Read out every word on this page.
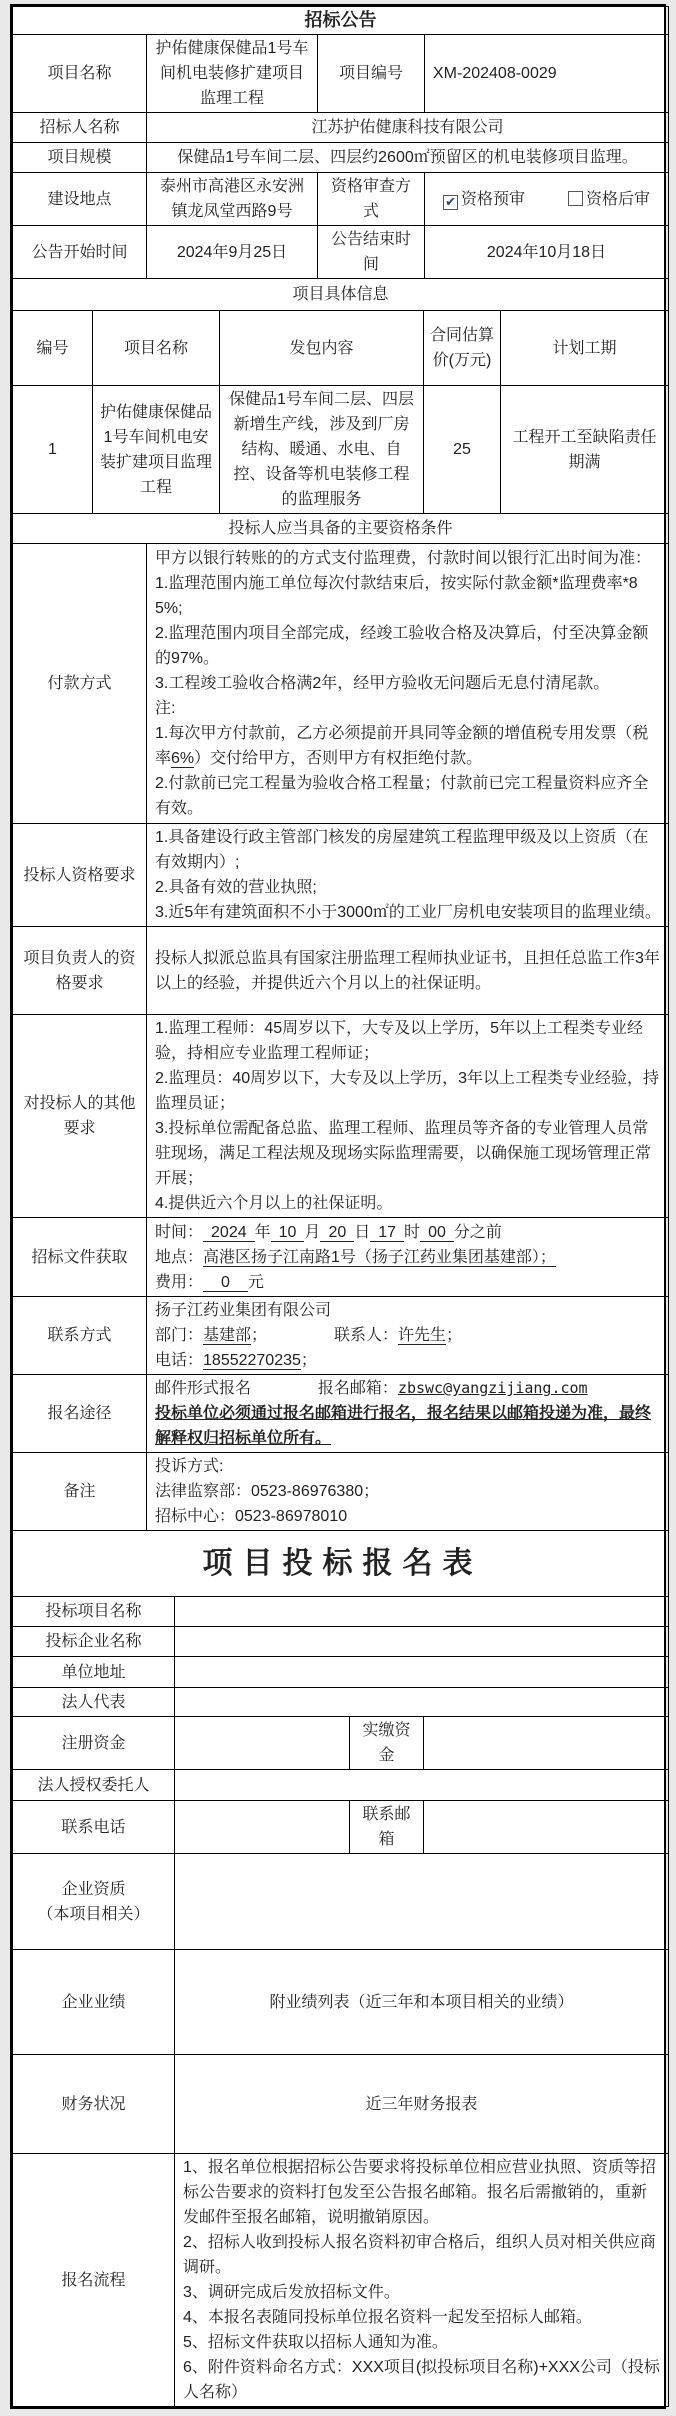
招标公告			
项目名称	护佑健康保健品1号车间机电装修扩建项目监理工程	项目编号	XM-202408-0029
招标人名称	江苏护佑健康科技有限公司		
项目规模	保健品1号车间二层、四层约2600㎡预留区的机电装修项目监理。		
建设地点	泰州市高港区永安洲镇龙凤堂西路9号	资格审查方式	✔ 资格预审 资格后审
公告开始时间	2024年9月25日	公告结束时间	2024年10月18日
项目具体信息				
编号	项目名称	发包内容	合同估算价(万元)	计划工期
1	护佑健康保健品1号车间机电安装扩建项目监理工程	保健品1号车间二层、四层新增生产线，涉及到厂房结构、暖通、水电、自控、设备等机电装修工程的监理服务	25	工程开工至缺陷责任期满
投标人应当具备的主要资格条件	
付款方式	
甲方以银行转账的的方式支付监理费，付款时间以银行汇出时间为准：
1.监理范围内施工单位每次付款结束后，按实际付款金额*监理费率*85%;
2.监理范围内项目全部完成，经竣工验收合格及决算后，付至决算金额的97%。
3.工程竣工验收合格满2年，经甲方验收无问题后无息付清尾款。
注:
1.每次甲方付款前，乙方必须提前开具同等金额的增值税专用发票（税率6%）交付给甲方，否则甲方有权拒绝付款。
2.付款前已完工程量为验收合格工程量；付款前已完工程量资料应齐全有效。

投标人资格要求	1.具备建设行政主管部门核发的房屋建筑工程监理甲级及以上资质（在有效期内）;
2.具备有效的营业执照;
3.近5年有建筑面积不小于3000㎡的工业厂房机电安装项目的监理业绩。

项目负责人的资格要求	投标人拟派总监具有国家注册监理工程师执业证书，且担任总监工作3年以上的经验，并提供近六个月以上的社保证明。
对投标人的其他要求	1.监理工程师：45周岁以下，大专及以上学历，5年以上工程类专业经验，持相应专业监理工程师证；
2.监理员：40周岁以下，大专及以上学历，3年以上工程类专业经验，持监理员证；
3.投标单位需配备总监、监理工程师、监理员等齐备的专业管理人员常驻现场，满足工程法规及现场实际监理需要，以确保施工现场管理正常开展；
4.提供近六个月以上的社保证明。

招标文件获取	时间： 2024 年 10 月 20 日 17 时 00 分之前
地点：高港区扬子江南路1号（扬子江药业集团基建部）；
费用： 0 元

联系方式	扬子江药业集团有限公司
部门：基建部； 联系人：许先生；
电话：18552270235；

报名途径	邮件形式报名 报名邮箱：zbswc@yangzijiang.com
投标单位必须通过报名邮箱进行报名，报名结果以邮箱投递为准，最终解释权归招标单位所有。

备注	投诉方式:
法律监察部：0523-86976380；
招标中心：0523-86978010
项目投标报名表
投标项目名称			
投标企业名称			
单位地址			
法人代表			
注册资金		实缴资金	
法人授权委托人			
联系电话		联系邮箱	

企业资质
（本项目相关）			

企业业绩	附业绩列表（近三年和本项目相关的业绩）		
财务状况	近三年财务报表		
报名流程	
1、报名单位根据招标公告要求将投标单位相应营业执照、资质等招标公告要求的资料打包发至公告报名邮箱。报名后需撤销的，重新发邮件至报名邮箱，说明撤销原因。
2、招标人收到投标人报名资料初审合格后，组织人员对相关供应商调研。
3、调研完成后发放招标文件。
4、本报名表随同投标单位报名资料一起发至招标人邮箱。
5、招标文件获取以招标人通知为准。
6、附件资料命名方式：XXX项目(拟投标项目名称)+XXX公司（投标人名称）
